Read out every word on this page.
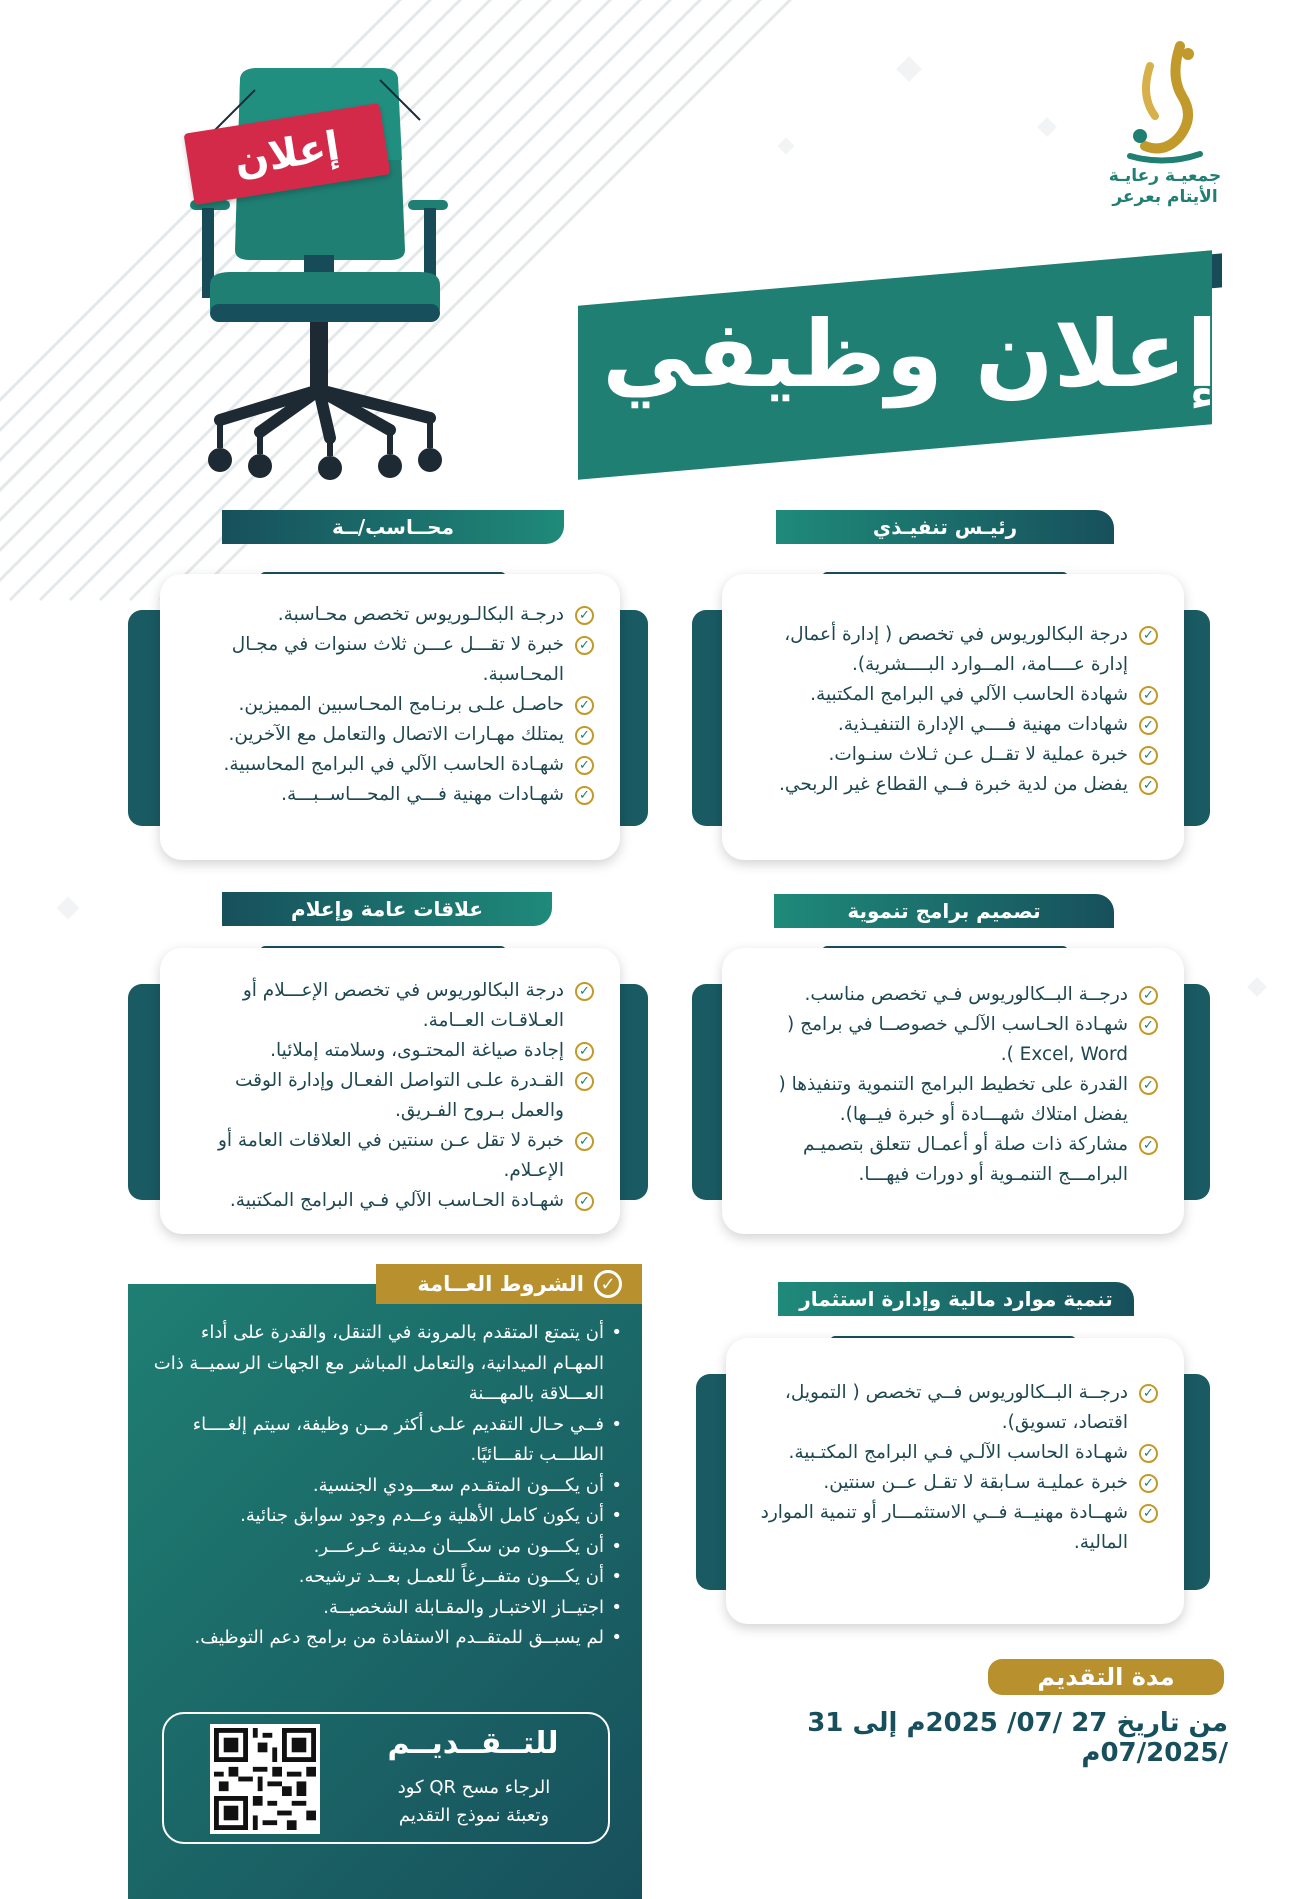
إعلان	جمعيـة رعايـة
الأيتام بعرعر
إعلان وظيفي
رئيـس تنفيـذي
✓
درجة البكالوريوس في تخصص ( إدارة أعمال، إدارة عــــامة، المــوارد البــــشرية).
✓
شهادة الحاسب الآلي في البرامج المكتبية.
✓
شهادات مهنية فــــي الإدارة التنفيـذية.
✓
خبرة عملية لا تقــل عـن ثـلاث سنـوات.
✓
يفضل من لدية خبرة فــي القطاع غير الربحي.
محــاسب/ــة
✓
درجـة البكالـوريوس تخصص محـاسبة.
✓
خبرة لا تقـــل عـــن ثلاث سنوات في مجـال المحـاسبة.
✓
حاصـل علـى برنـامج المحـاسبين المميزين.
✓
يمتلك مهـارات الاتصال والتعامل مع الآخرين.
✓
شهـادة الحاسب الآلي في البرامج المحاسبية.
✓
شهـادات مهنية فـــي المحـــاســبـــة.
تصميم برامج تنموية
✓
درجــة البــكالوريوس فـي تخصص مناسب.
✓
شهـادة الحـاسب الآلـي خصوصــا في برامج ( Excel, Word ).
✓
القدرة على تخطيط البرامج التنموية وتنفيذها ( يفضل امتلاك شهـــادة أو خبرة فيــها).
✓
مشاركة ذات صلة أو أعمـال تتعلق بتصميـم البرامـــج التنمـوية أو دورات فيهـــا.
علاقات عامة وإعلام
✓
درجة البكالوريوس في تخصص الإعـــلام أو العـلاقـات العــامة.
✓
إجادة صياغة المحتـوى، وسلامته إملائيا.
✓
القـدرة علـى التواصل الفعـال وإدارة الوقت والعمل بـروح الفـريق.
✓
خبرة لا تقل عـن سنتين في العلاقات العامة أو الإعـلام.
✓
شهـادة الحـاسب الآلي فـي البرامج المكتبية.
تنمية موارد مالية وإدارة استثمار
✓
درجــة البــكالوريوس فــي تخصص ( التمويل، اقتصاد، تسويق).
✓
شهـادة الحاسب الآلـي فـي البرامج المكتـبية.
✓
خبرة عمليـة سـابقة لا تقـل عــن سنتين.
✓
شهــادة مهنيــة فــي الاستثمـــار أو تنمية الموارد المالية.
• أن يتمتع المتقدم بالمرونة في التنقل، والقدرة على أداء المهـام الميدانية، والتعامل المباشر مع الجهات الرسميــة ذات العـــلاقة بالمهـــنة
• فــي حـال التقديم علـى أكثر مــن وظيفة، سيتم إلغــــاء الطلـــب تلقـــائيًا.
• أن يكـــون المتقـدم سعـــودي الجنسية.
• أن يكون كامل الأهلية وعــدم وجود سوابق جنائية.
• أن يكـــون من سكـــان مدينة عـرعـــر.
• أن يكـــون متفــرغاً للعمـل بعــد ترشيحه.
• اجتيــاز الاختبـار والمقـابلة الشخصيــة.
• لم يسبــق للمتقــدم الاستفادة من برامج دعم التوظيف.
✓
الشروط العــامة
للتــقــديــم
الرجاء مسح QR كود
وتعبئة نموذج التقديم
مدة التقديم
من تاريخ 27 /07/ 2025م إلى 31 /07/2025م
